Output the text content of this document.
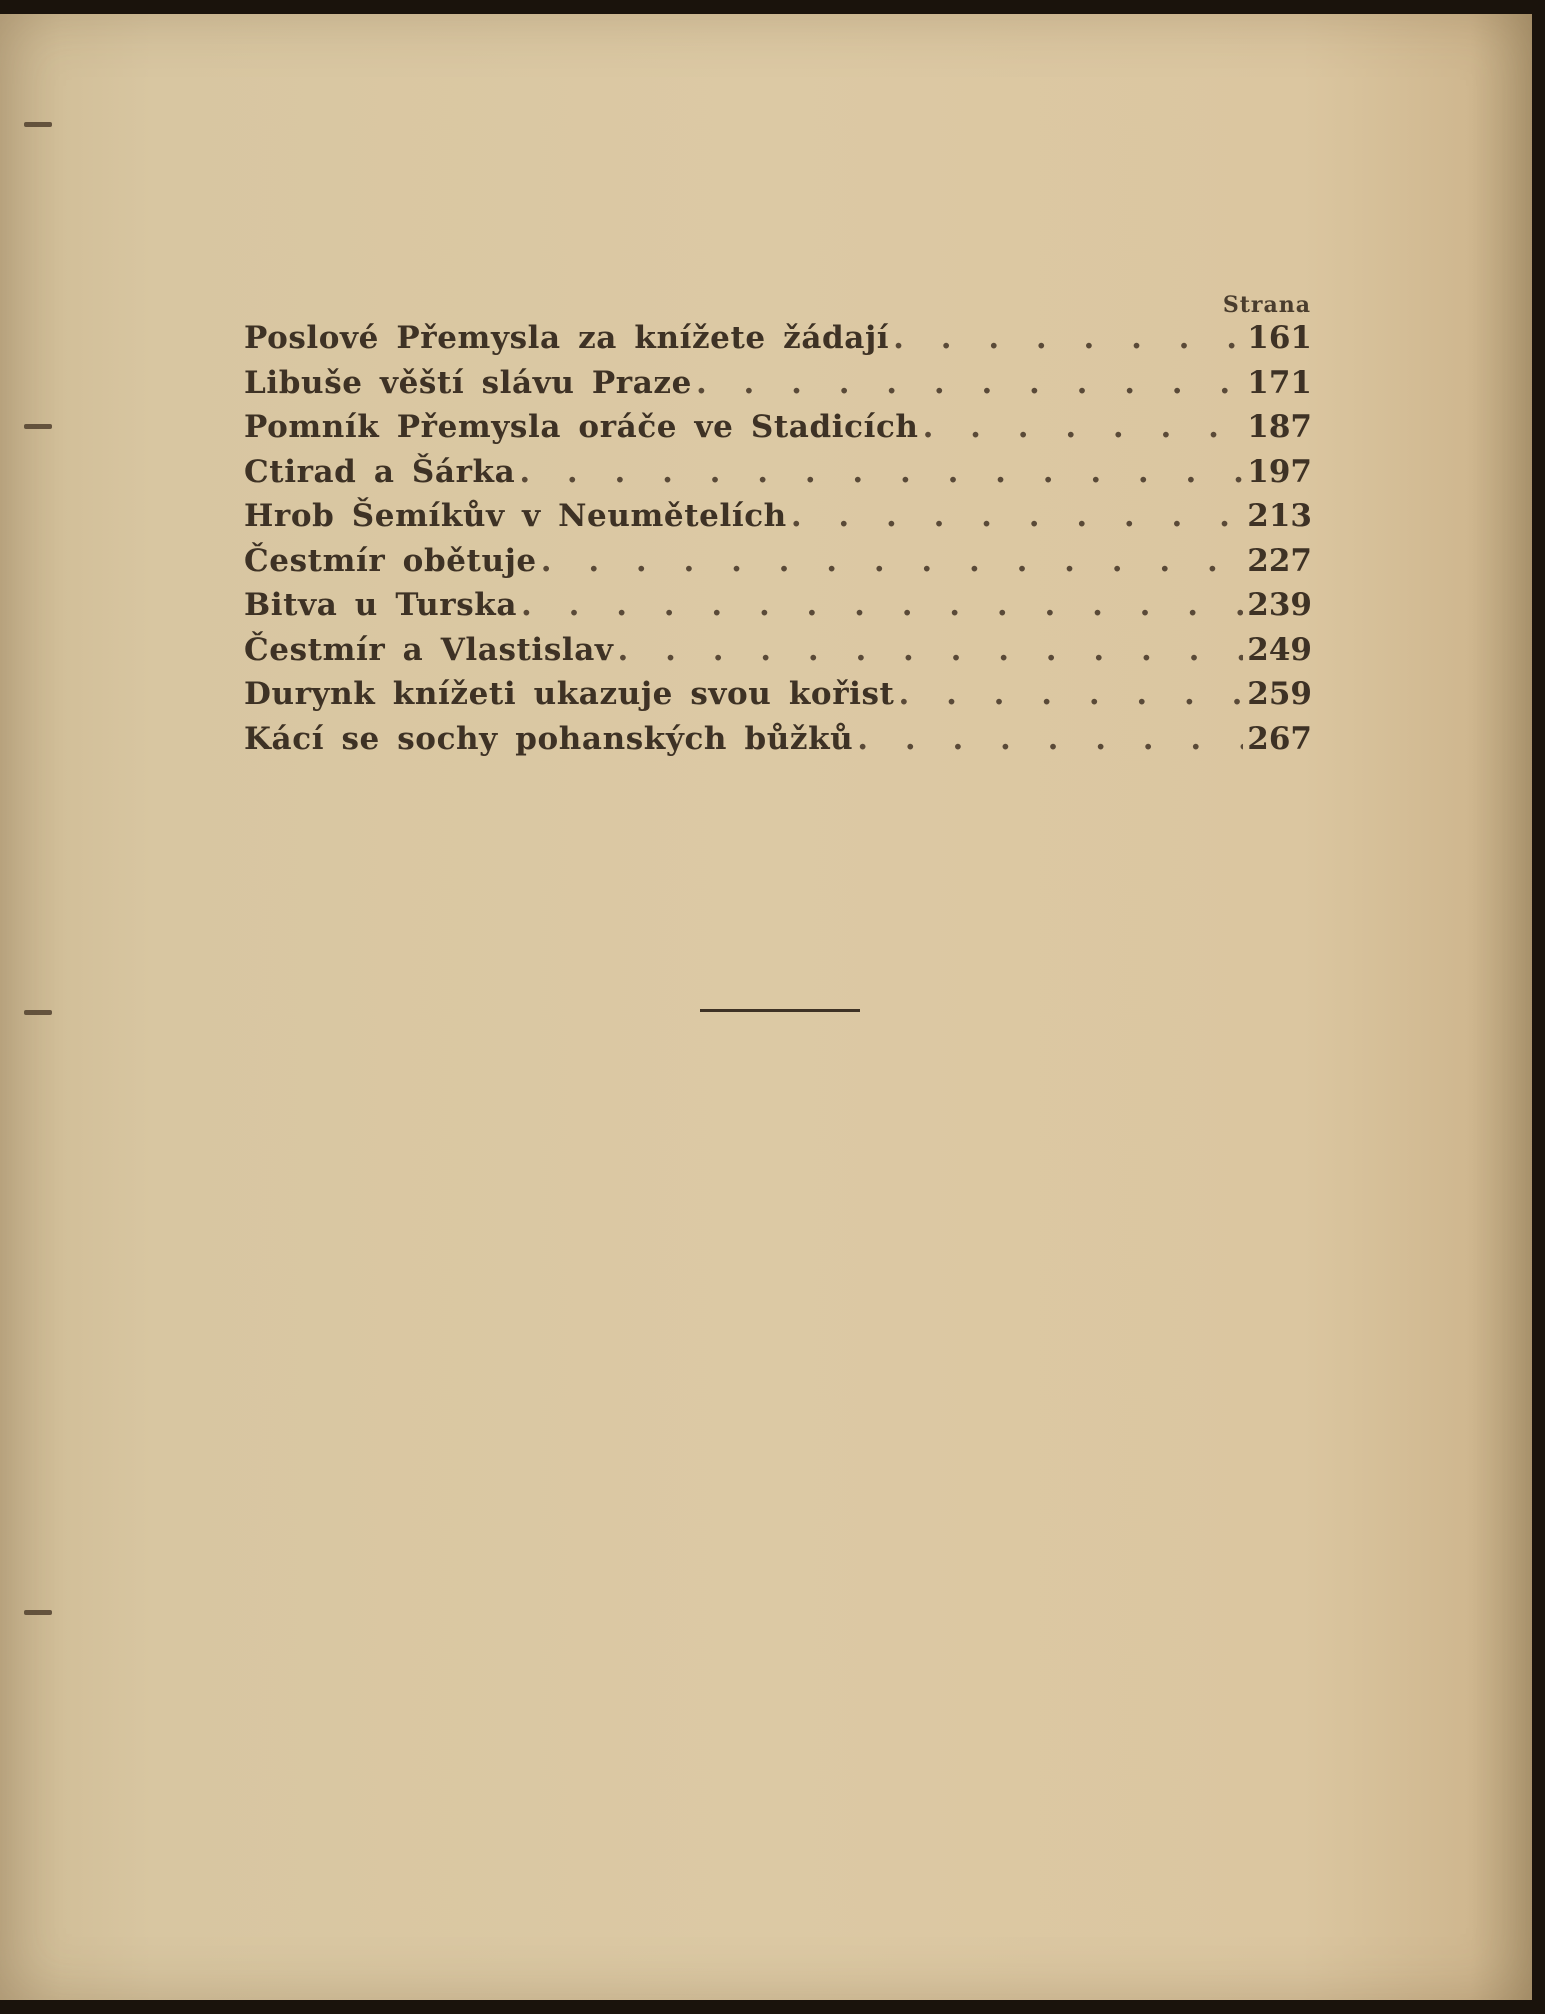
Strana
Poslové Přemysla za knížete žádají . . .	161
Libuše věští slávu Praze . . .	171
Pomník Přemysla oráče ve Stadicích . . .	187
Ctirad a Šárka . . .	197
Hrob Šemíkův v Neumětelích . . .	213
Čestmír obětuje . . .	227
Bitva u Turska . . .	239
Čestmír a Vlastislav . . .	249
Durynk knížeti ukazuje svou kořist . . .	259
Kácí se sochy pohanských bůžků . . .	267
